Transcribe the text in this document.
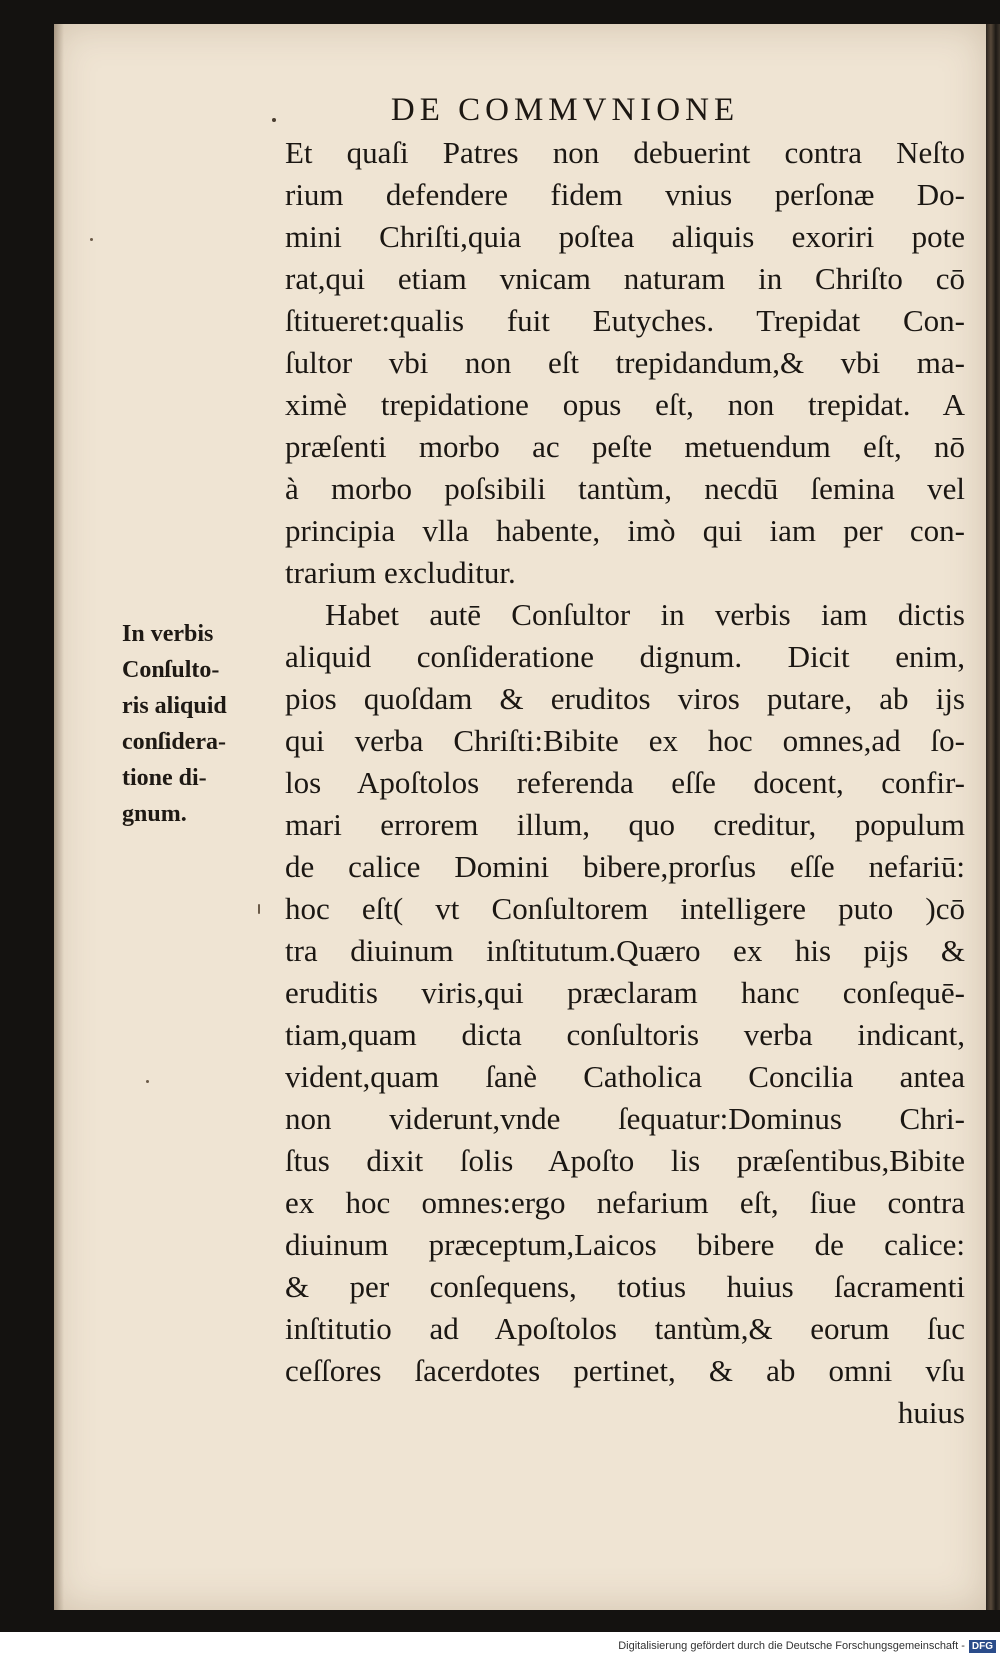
DE COMMVNIONE
In verbis
Conſulto-
ris aliquid
conſidera-
tione di-
gnum.
Et quaſi Patres non debuerint contra Neſto
rium defendere fidem vnius perſonæ Do-
mini Chriſti,quia poſtea aliquis exoriri pote
rat,qui etiam vnicam naturam in Chriſto cō
ſtitueret:qualis fuit Eutyches. Trepidat Con-
ſultor vbi non eſt trepidandum,& vbi ma-
ximè trepidatione opus eſt, non trepidat. A
præſenti morbo ac peſte metuendum eſt, nō
à morbo poſsibili tantùm, necdū ſemina vel
principia vlla habente, imò qui iam per con-
trarium excluditur.
Habet autē Conſultor in verbis iam dictis
aliquid conſideratione dignum. Dicit enim,
pios quoſdam & eruditos viros putare, ab ijs
qui verba Chriſti:Bibite ex hoc omnes,ad ſo-
los Apoſtolos referenda eſſe docent, confir-
mari errorem illum, quo creditur, populum
de calice Domini bibere,prorſus eſſe nefariū:
hoc eſt( vt Conſultorem intelligere puto )cō
tra diuinum inſtitutum.Quæro ex his pijs &
eruditis viris,qui præclaram hanc conſequē-
tiam,quam dicta conſultoris verba indicant,
vident,quam ſanè Catholica Concilia antea
non viderunt,vnde ſequatur:Dominus Chri-
ſtus dixit ſolis Apoſto lis præſentibus,Bibite
ex hoc omnes:ergo nefarium eſt, ſiue contra
diuinum præceptum,Laicos bibere de calice:
& per conſequens, totius huius ſacramenti
inſtitutio ad Apoſtolos tantùm,& eorum ſuc
ceſſores ſacerdotes pertinet, & ab omni vſu
huius
Digitalisierung gefördert durch die Deutsche Forschungsgemeinschaft - DFG
